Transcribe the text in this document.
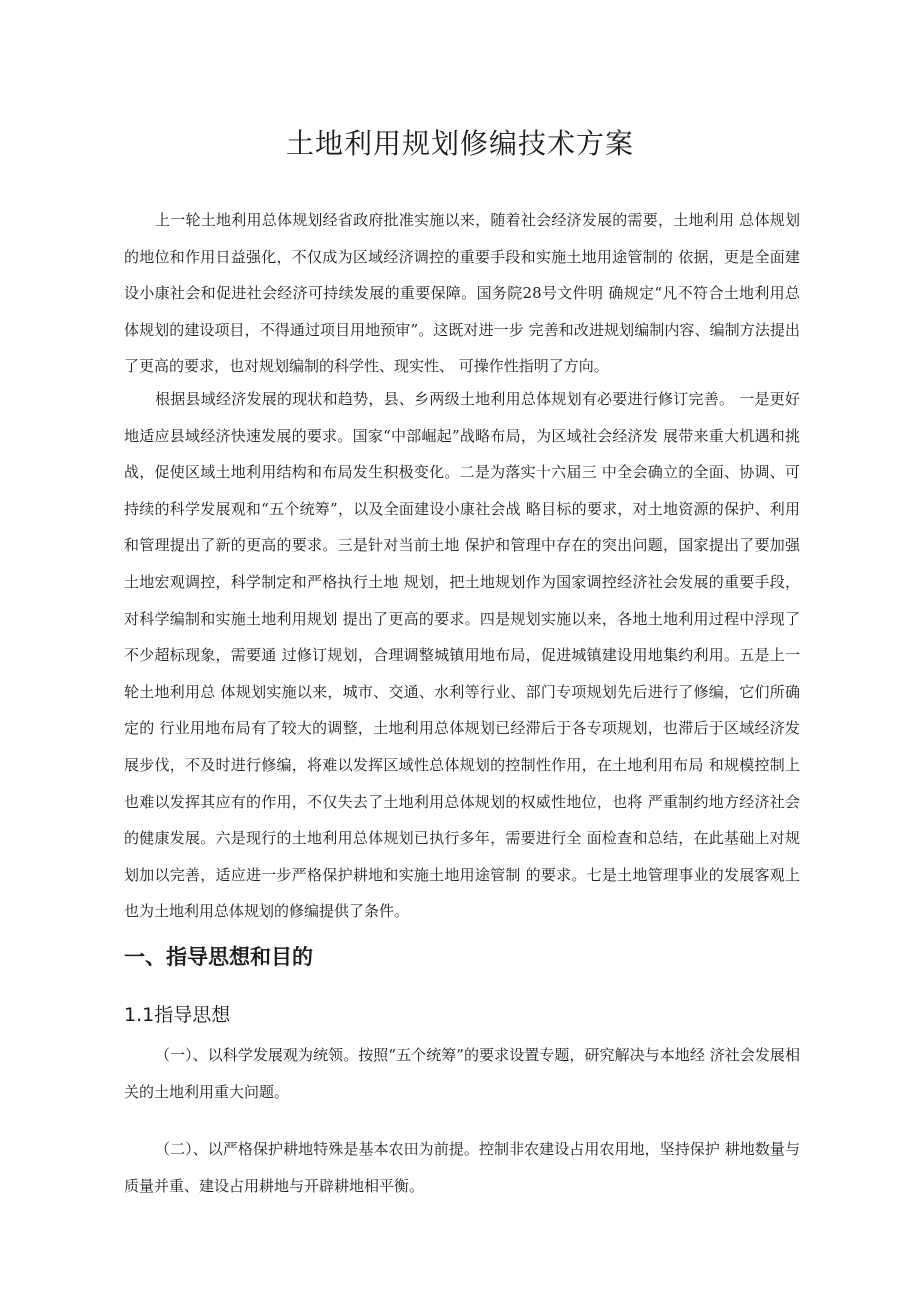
土地利用规划修编技术方案

上一轮土地利用总体规划经省政府批准实施以来，随着社会经济发展的需要，土地利用 总体规划的地位和作用日益强化，不仅成为区域经济调控的重要手段和实施土地用途管制的 依据，更是全面建设小康社会和促进社会经济可持续发展的重要保障。国务院28号文件明 确规定“凡不符合土地利用总体规划的建设项目，不得通过项目用地预审”。这既对进一步 完善和改进规划编制内容、编制方法提出了更高的要求，也对规划编制的科学性、现实性、 可操作性指明了方向。

根据县域经济发展的现状和趋势，县、乡两级土地利用总体规划有必要进行修订完善。 一是更好地适应县域经济快速发展的要求。国家“中部崛起”战略布局，为区域社会经济发 展带来重大机遇和挑战，促使区域土地利用结构和布局发生积极变化。二是为落实十六届三 中全会确立的全面、协调、可持续的科学发展观和“五个统筹”，以及全面建设小康社会战 略目标的要求，对土地资源的保护、利用和管理提出了新的更高的要求。三是针对当前土地 保护和管理中存在的突出问题，国家提出了要加强土地宏观调控，科学制定和严格执行土地 规划，把土地规划作为国家调控经济社会发展的重要手段，对科学编制和实施土地利用规划 提出了更高的要求。四是规划实施以来，各地土地利用过程中浮现了不少超标现象，需要通 过修订规划，合理调整城镇用地布局，促进城镇建设用地集约利用。五是上一轮土地利用总 体规划实施以来，城市、交通、水利等行业、部门专项规划先后进行了修编，它们所确定的 行业用地布局有了较大的调整，土地利用总体规划已经滞后于各专项规划，也滞后于区域经济发展步伐，不及时进行修编，将难以发挥区域性总体规划的控制性作用，在土地利用布局 和规模控制上也难以发挥其应有的作用，不仅失去了土地利用总体规划的权威性地位，也将 严重制约地方经济社会的健康发展。六是现行的土地利用总体规划已执行多年，需要进行全 面检查和总结，在此基础上对规划加以完善，适应进一步严格保护耕地和实施土地用途管制 的要求。七是土地管理事业的发展客观上也为土地利用总体规划的修编提供了条件。

一、指导思想和目的
1.1指导思想

（一）、以科学发展观为统领。按照“五个统筹”的要求设置专题，研究解决与本地经 济社会发展相关的土地利用重大问题。

（二）、以严格保护耕地特殊是基本农田为前提。控制非农建设占用农用地，坚持保护 耕地数量与质量并重、建设占用耕地与开辟耕地相平衡。
